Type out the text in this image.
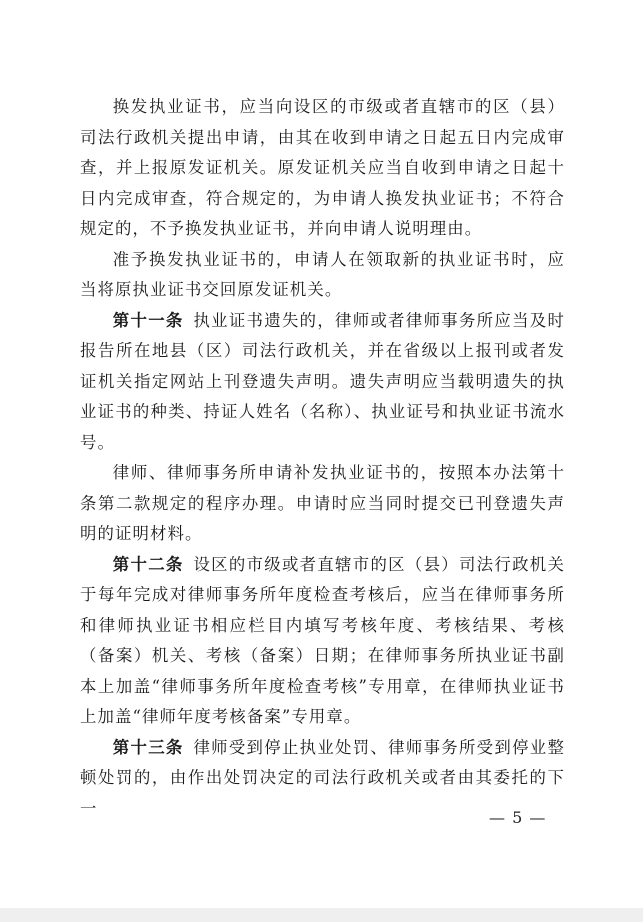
换发执业证书，应当向设区的市级或者直辖市的区（县）司法行政机关提出申请，由其在收到申请之日起五日内完成审查，并上报原发证机关。原发证机关应当自收到申请之日起十日内完成审查，符合规定的，为申请人换发执业证书；不符合规定的，不予换发执业证书，并向申请人说明理由。

准予换发执业证书的，申请人在领取新的执业证书时，应当将原执业证书交回原发证机关。

第十一条 执业证书遗失的，律师或者律师事务所应当及时报告所在地县（区）司法行政机关，并在省级以上报刊或者发证机关指定网站上刊登遗失声明。遗失声明应当载明遗失的执业证书的种类、持证人姓名（名称）、执业证号和执业证书流水号。

律师、律师事务所申请补发执业证书的，按照本办法第十条第二款规定的程序办理。申请时应当同时提交已刊登遗失声明的证明材料。

第十二条 设区的市级或者直辖市的区（县）司法行政机关于每年完成对律师事务所年度检查考核后，应当在律师事务所和律师执业证书相应栏目内填写考核年度、考核结果、考核（备案）机关、考核（备案）日期；在律师事务所执业证书副本上加盖“律师事务所年度检查考核”专用章，在律师执业证书上加盖“律师年度考核备案”专用章。

第十三条 律师受到停止执业处罚、律师事务所受到停业整顿处罚的，由作出处罚决定的司法行政机关或者由其委托的下一	— 5 —
